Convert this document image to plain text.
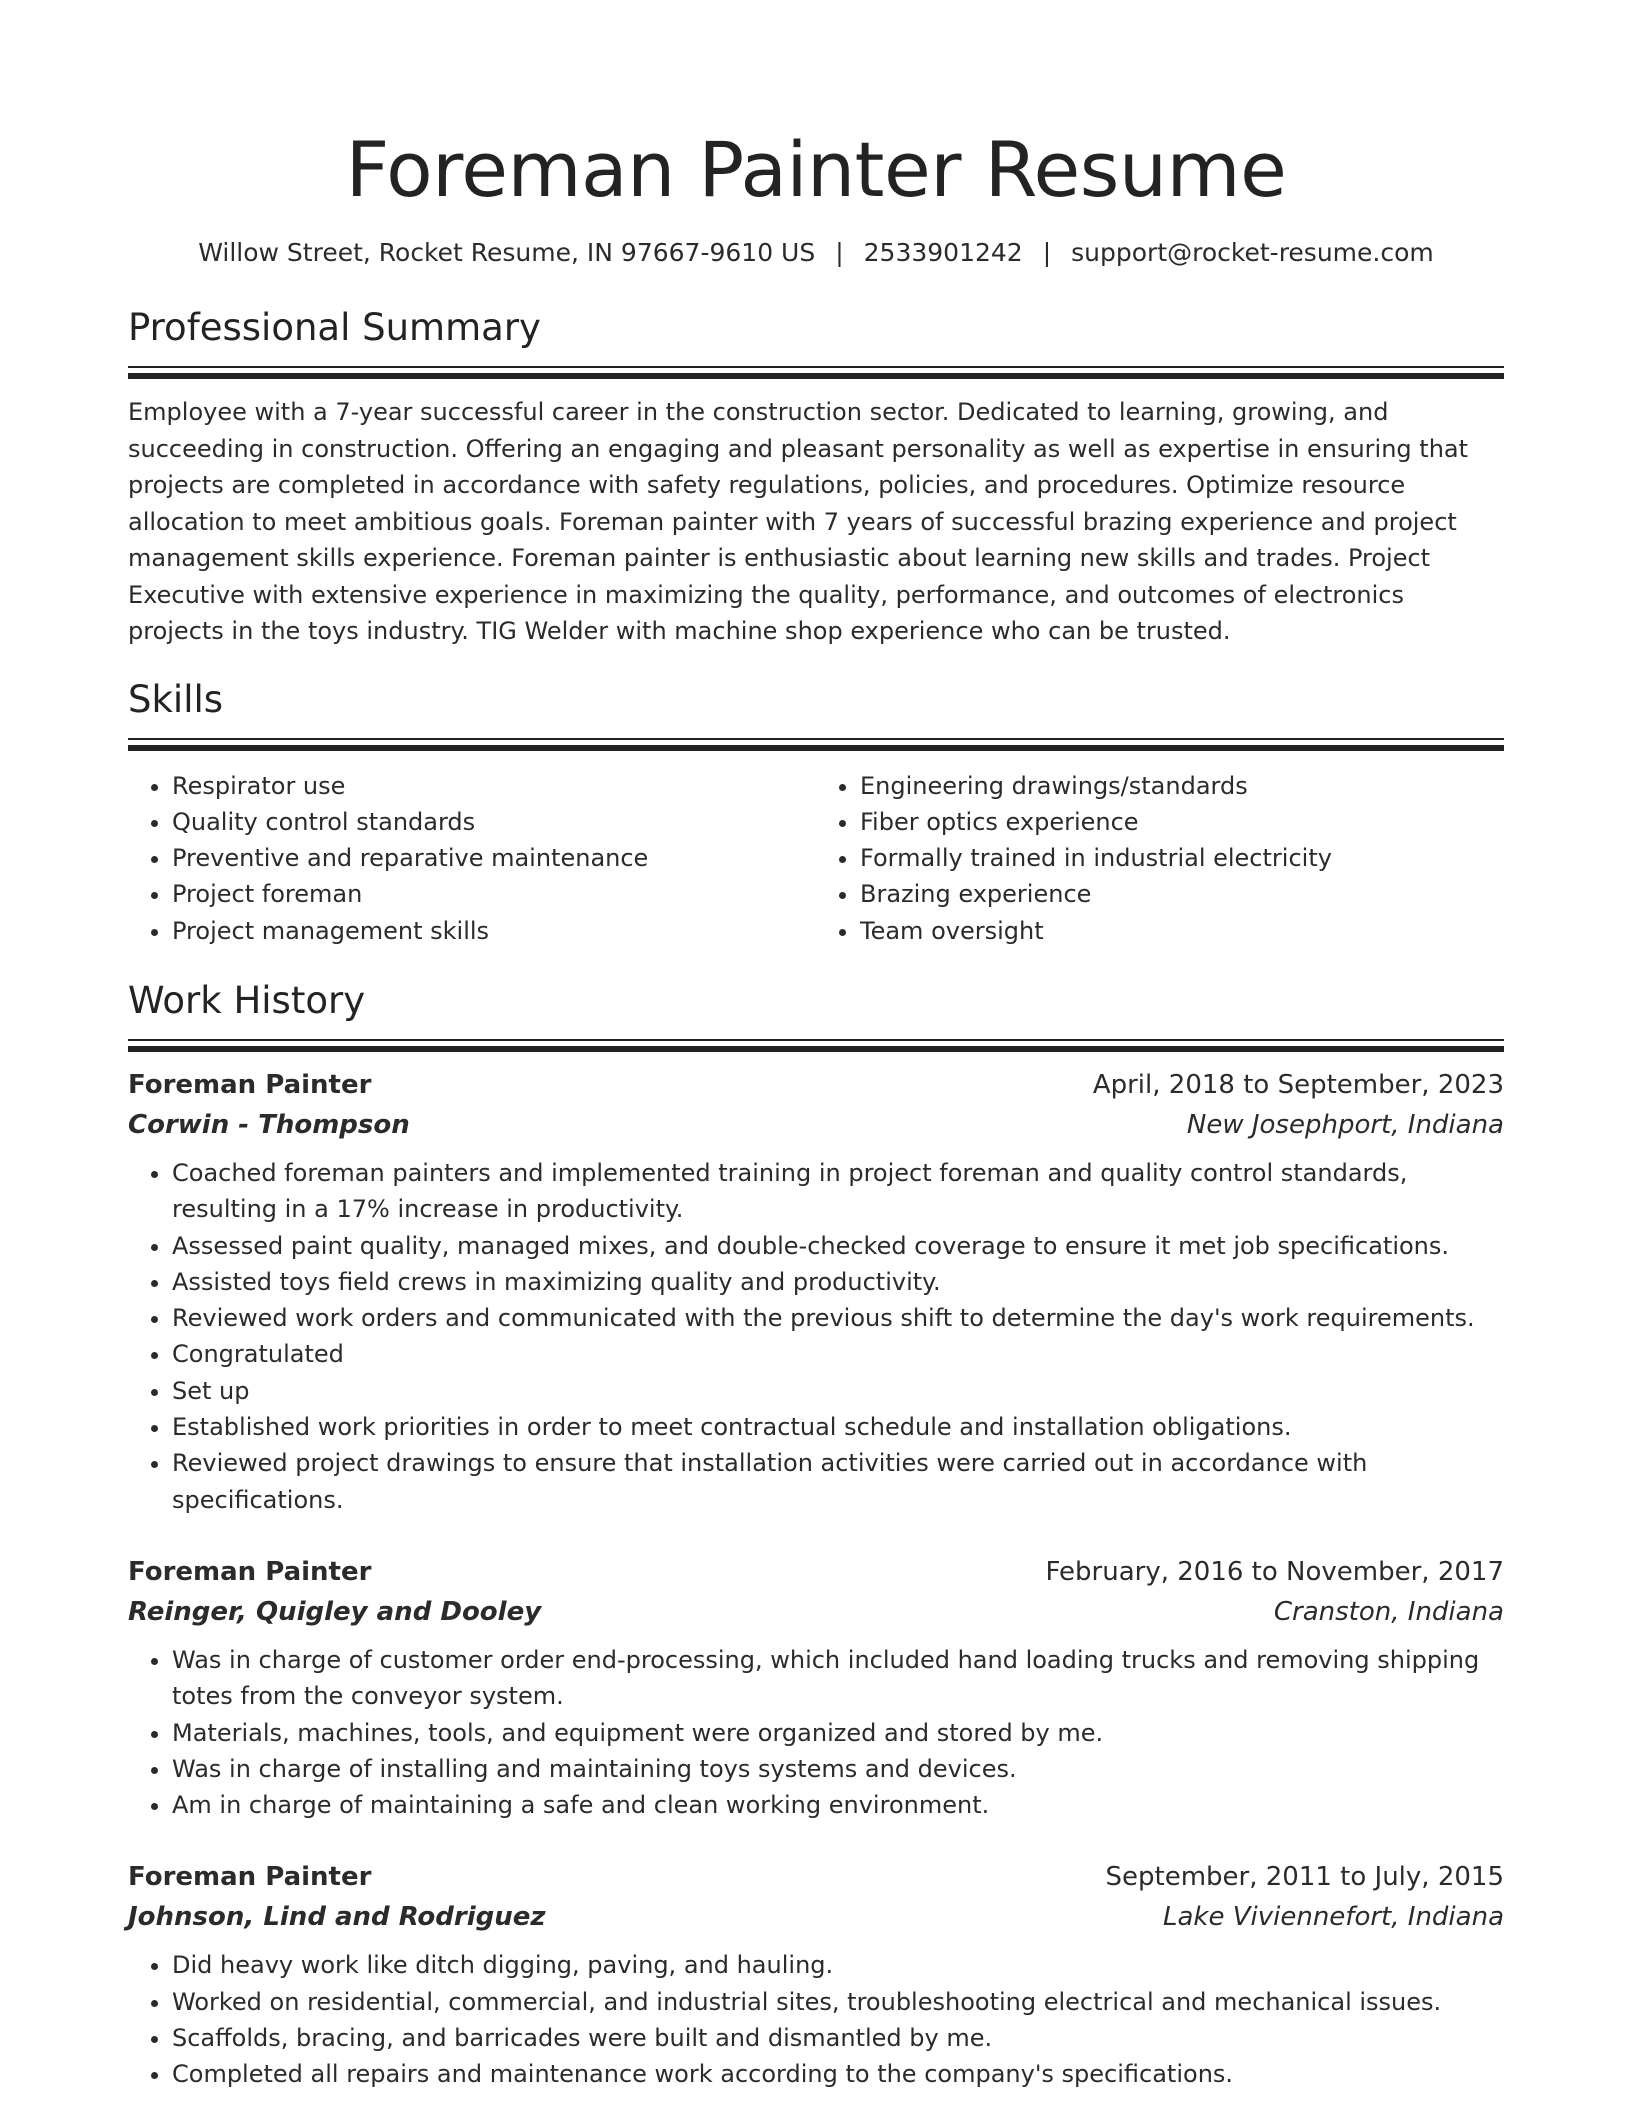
Foreman Painter Resume
Willow Street, Rocket Resume, IN 97667-9610 US | 2533901242 | support@rocket-resume.com
Professional Summary
Employee with a 7-year successful career in the construction sector. Dedicated to learning, growing, and succeeding in construction. Offering an engaging and pleasant personality as well as expertise in ensuring that projects are completed in accordance with safety regulations, policies, and procedures. Optimize resource allocation to meet ambitious goals. Foreman painter with 7 years of successful brazing experience and project management skills experience. Foreman painter is enthusiastic about learning new skills and trades. Project Executive with extensive experience in maximizing the quality, performance, and outcomes of electronics projects in the toys industry. TIG Welder with machine shop experience who can be trusted.
Skills
• Respirator use
• Quality control standards
• Preventive and reparative maintenance
• Project foreman
• Project management skills
• Engineering drawings/standards
• Fiber optics experience
• Formally trained in industrial electricity
• Brazing experience
• Team oversight
Work History
Foreman Painter	April, 2018 to September, 2023
Corwin - Thompson	New Josephport, Indiana
• Coached foreman painters and implemented training in project foreman and quality control standards, resulting in a 17% increase in productivity.
• Assessed paint quality, managed mixes, and double-checked coverage to ensure it met job specifications.
• Assisted toys field crews in maximizing quality and productivity.
• Reviewed work orders and communicated with the previous shift to determine the day's work requirements.
• Congratulated
• Set up
• Established work priorities in order to meet contractual schedule and installation obligations.
• Reviewed project drawings to ensure that installation activities were carried out in accordance with specifications.
Foreman Painter	February, 2016 to November, 2017
Reinger, Quigley and Dooley	Cranston, Indiana
• Was in charge of customer order end-processing, which included hand loading trucks and removing shipping totes from the conveyor system.
• Materials, machines, tools, and equipment were organized and stored by me.
• Was in charge of installing and maintaining toys systems and devices.
• Am in charge of maintaining a safe and clean working environment.
Foreman Painter	September, 2011 to July, 2015
Johnson, Lind and Rodriguez	Lake Viviennefort, Indiana
• Did heavy work like ditch digging, paving, and hauling.
• Worked on residential, commercial, and industrial sites, troubleshooting electrical and mechanical issues.
• Scaffolds, bracing, and barricades were built and dismantled by me.
• Completed all repairs and maintenance work according to the company's specifications.
